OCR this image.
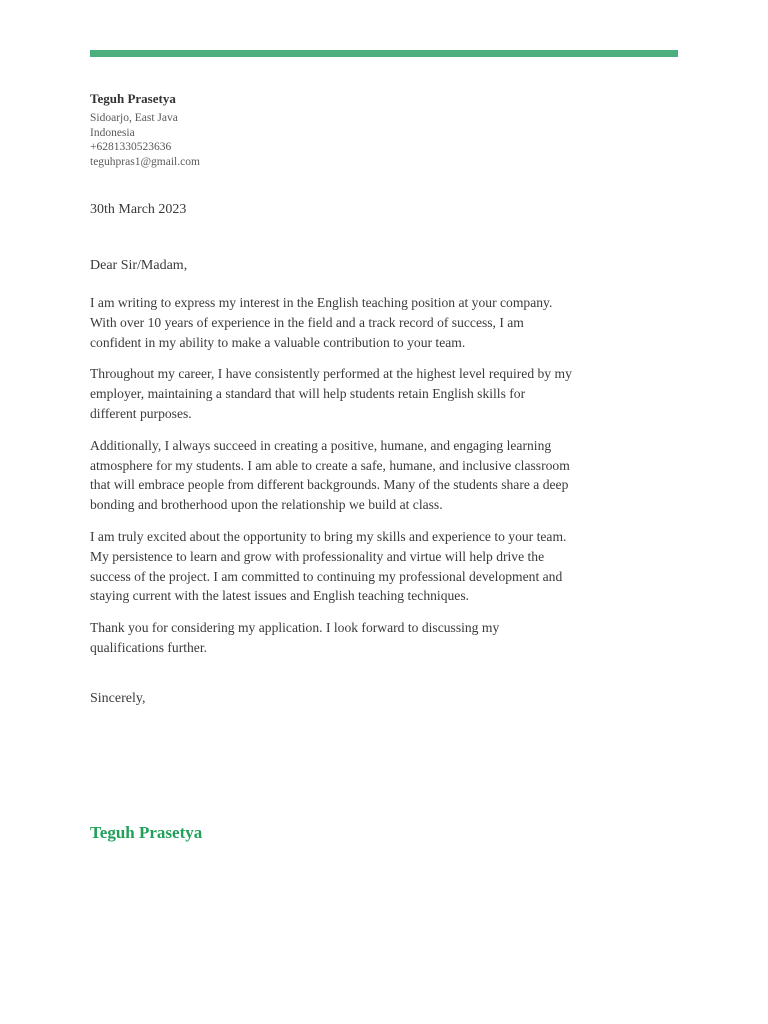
Teguh Prasetya
Sidoarjo, East Java
Indonesia
+6281330523636
teguhpras1@gmail.com
30th March 2023
Dear Sir/Madam,

I am writing to express my interest in the English teaching position at your company. With over 10 years of experience in the field and a track record of success, I am confident in my ability to make a valuable contribution to your team.

Throughout my career, I have consistently performed at the highest level required by my employer, maintaining a standard that will help students retain English skills for different purposes.

Additionally, I always succeed in creating a positive, humane, and engaging learning atmosphere for my students. I am able to create a safe, humane, and inclusive classroom that will embrace people from different backgrounds. Many of the students share a deep bonding and brotherhood upon the relationship we build at class.

I am truly excited about the opportunity to bring my skills and experience to your team. My persistence to learn and grow with professionality and virtue will help drive the success of the project. I am committed to continuing my professional development and staying current with the latest issues and English teaching techniques.

Thank you for considering my application. I look forward to discussing my qualifications further.

Sincerely,
Teguh Prasetya
